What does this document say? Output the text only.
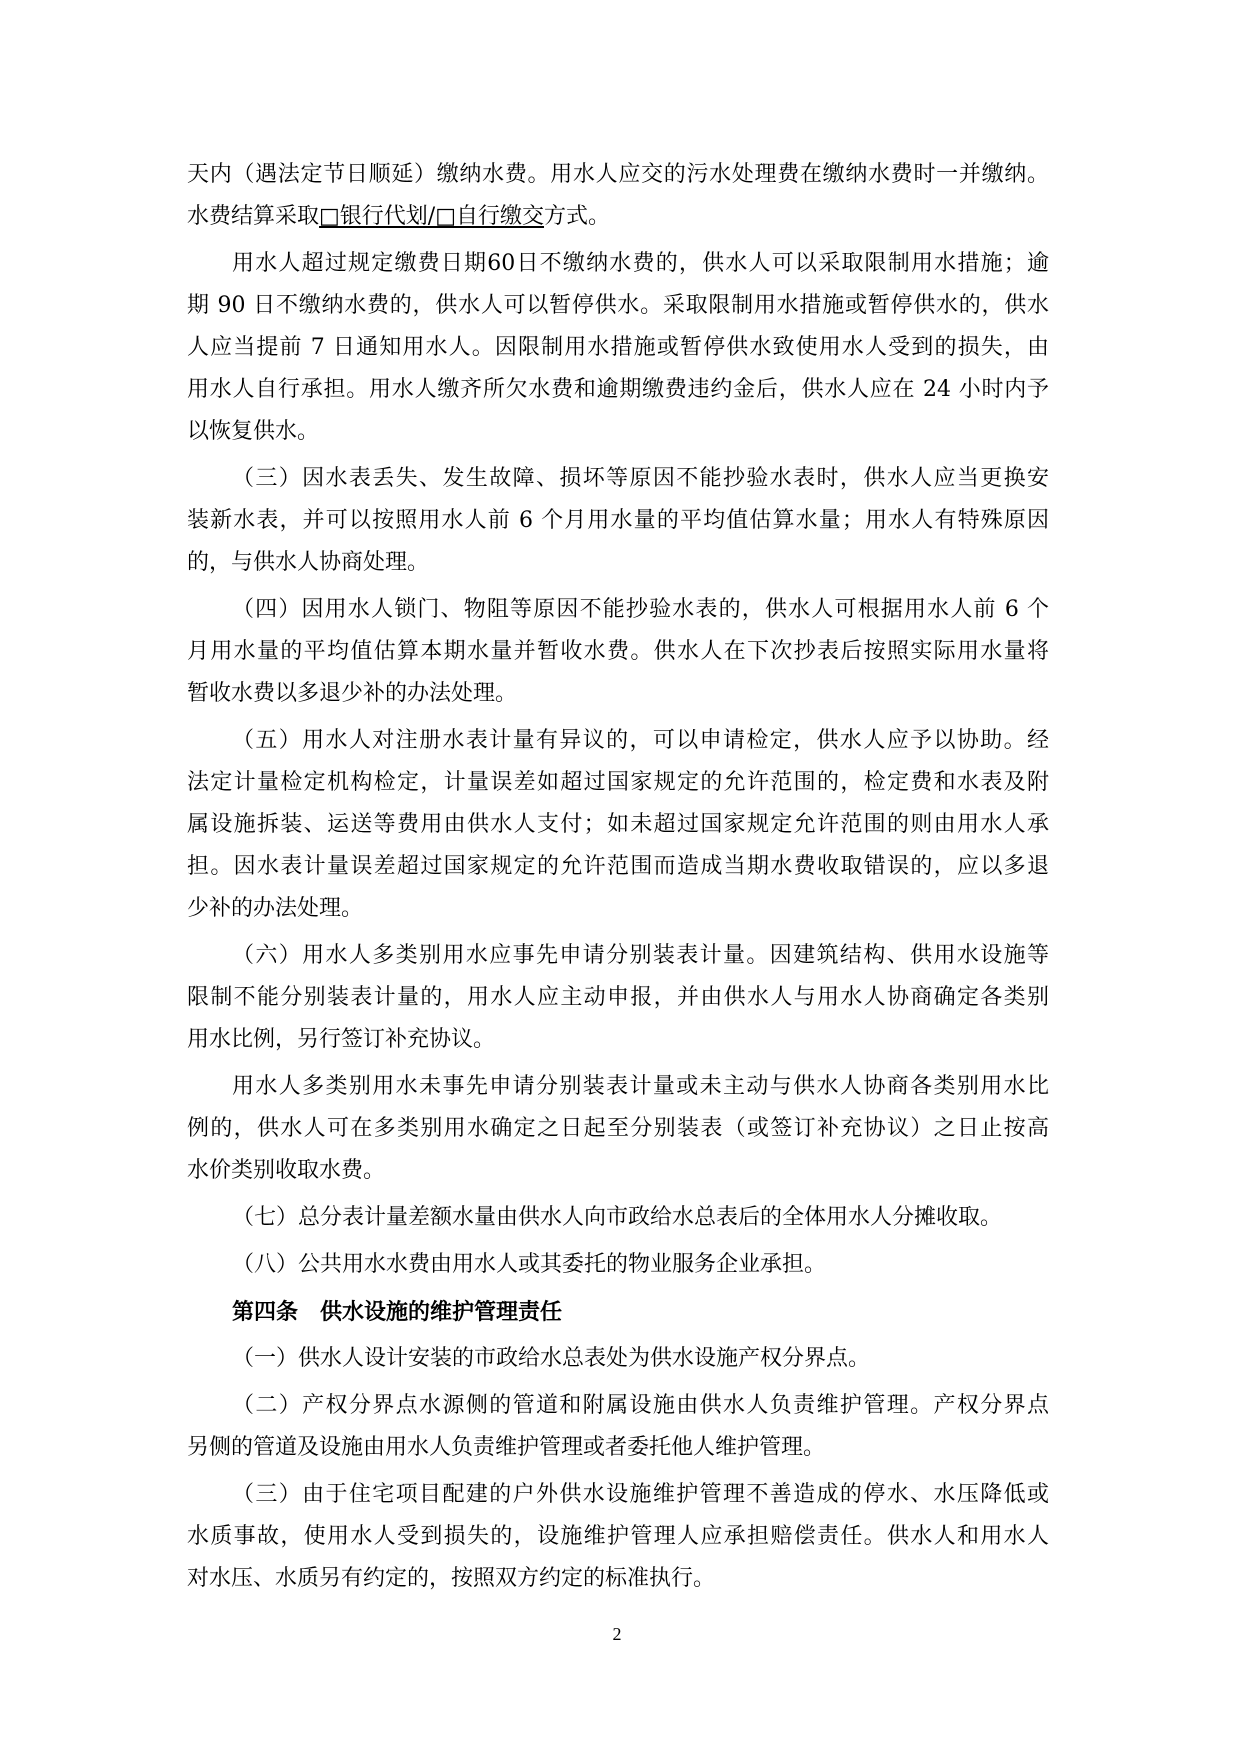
天内（遇法定节日顺延）缴纳水费。用水人应交的污水处理费在缴纳水费时一并缴纳。
水费结算采取□银行代划/□自行缴交方式。
用水人超过规定缴费日期60日不缴纳水费的，供水人可以采取限制用水措施；逾
期 90 日不缴纳水费的，供水人可以暂停供水。采取限制用水措施或暂停供水的，供水
人应当提前 7 日通知用水人。因限制用水措施或暂停供水致使用水人受到的损失，由
用水人自行承担。用水人缴齐所欠水费和逾期缴费违约金后，供水人应在 24 小时内予
以恢复供水。
（三）因水表丢失、发生故障、损坏等原因不能抄验水表时，供水人应当更换安
装新水表，并可以按照用水人前 6 个月用水量的平均值估算水量；用水人有特殊原因
的，与供水人协商处理。
（四）因用水人锁门、物阻等原因不能抄验水表的，供水人可根据用水人前 6 个
月用水量的平均值估算本期水量并暂收水费。供水人在下次抄表后按照实际用水量将
暂收水费以多退少补的办法处理。
（五）用水人对注册水表计量有异议的，可以申请检定，供水人应予以协助。经
法定计量检定机构检定，计量误差如超过国家规定的允许范围的，检定费和水表及附
属设施拆装、运送等费用由供水人支付；如未超过国家规定允许范围的则由用水人承
担。因水表计量误差超过国家规定的允许范围而造成当期水费收取错误的，应以多退
少补的办法处理。
（六）用水人多类别用水应事先申请分别装表计量。因建筑结构、供用水设施等
限制不能分别装表计量的，用水人应主动申报，并由供水人与用水人协商确定各类别
用水比例，另行签订补充协议。
用水人多类别用水未事先申请分别装表计量或未主动与供水人协商各类别用水比
例的，供水人可在多类别用水确定之日起至分别装表（或签订补充协议）之日止按高
水价类别收取水费。
（七）总分表计量差额水量由供水人向市政给水总表后的全体用水人分摊收取。
（八）公共用水水费由用水人或其委托的物业服务企业承担。
第四条　供水设施的维护管理责任
（一）供水人设计安装的市政给水总表处为供水设施产权分界点。
（二）产权分界点水源侧的管道和附属设施由供水人负责维护管理。产权分界点
另侧的管道及设施由用水人负责维护管理或者委托他人维护管理。
（三）由于住宅项目配建的户外供水设施维护管理不善造成的停水、水压降低或
水质事故，使用水人受到损失的，设施维护管理人应承担赔偿责任。供水人和用水人
对水压、水质另有约定的，按照双方约定的标准执行。
2
